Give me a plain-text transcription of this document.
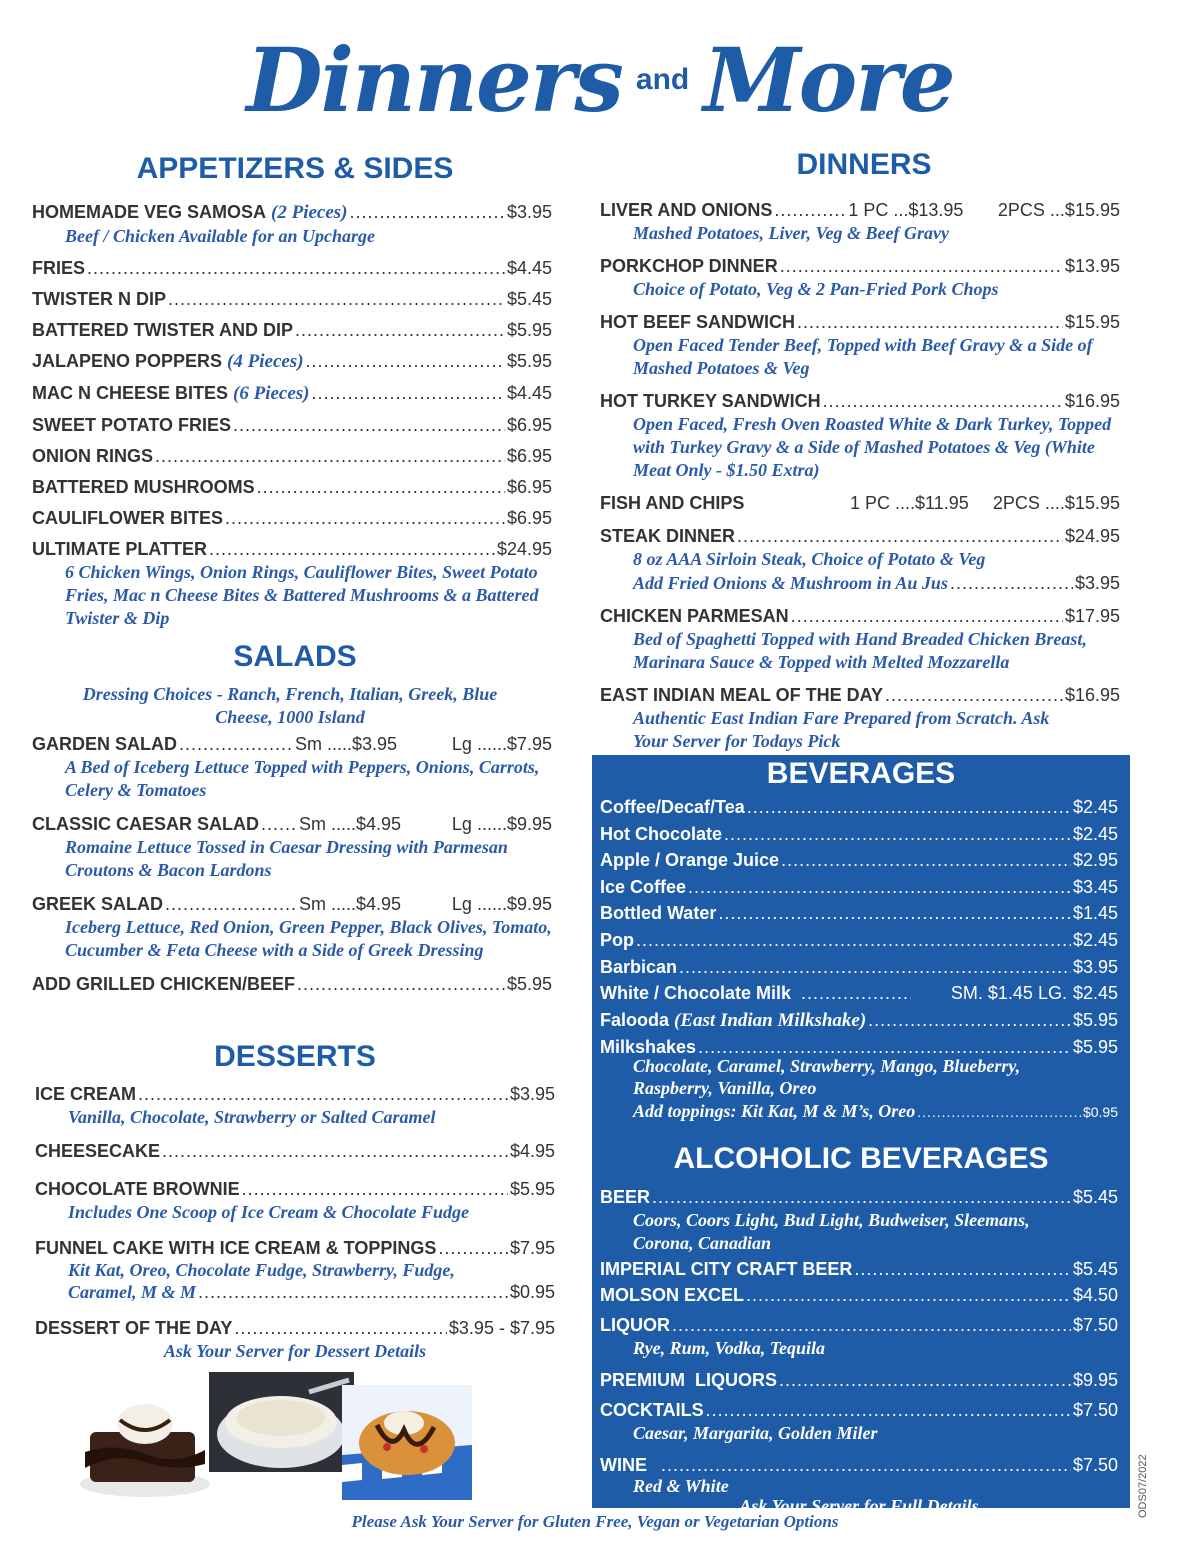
Dinners and More
APPETIZERS & SIDES
HOMEMADE VEG SAMOSA (2 Pieces) .....	$3.95
Beef / Chicken Available for an Upcharge
FRIES .....	$4.45
TWISTER N DIP .....	$5.45
BATTERED TWISTER AND DIP .....	$5.95
JALAPENO POPPERS (4 Pieces) .....	$5.95
MAC N CHEESE BITES (6 Pieces) .....	$4.45
SWEET POTATO FRIES .....	$6.95
ONION RINGS .....	$6.95
BATTERED MUSHROOMS .....	$6.95
CAULIFLOWER BITES .....	$6.95
ULTIMATE PLATTER .....	$24.95
6 Chicken Wings, Onion Rings, Cauliflower Bites, Sweet Potato Fries, Mac n Cheese Bites & Battered Mushrooms & a Battered Twister & Dip
SALADS
Dressing Choices - Ranch, French, Italian, Greek, Blue Cheese, 1000 Island
GARDEN SALAD .....	Sm .....$3.95	Lg ......$7.95
A Bed of Iceberg Lettuce Topped with Peppers, Onions, Carrots, Celery & Tomatoes
CLASSIC CAESAR SALAD ..... Sm .....$4.95	Lg ......$9.95
Romaine Lettuce Tossed in Caesar Dressing with Parmesan Croutons & Bacon Lardons
GREEK SALAD .....	Sm .....$4.95	Lg ......$9.95
Iceberg Lettuce, Red Onion, Green Pepper, Black Olives, Tomato, Cucumber & Feta Cheese with a Side of Greek Dressing
ADD GRILLED CHICKEN/BEEF .....	$5.95
DESSERTS
ICE CREAM .....	$3.95
Vanilla, Chocolate, Strawberry or Salted Caramel
CHEESECAKE .....	$4.95
CHOCOLATE BROWNIE .....	$5.95
Includes One Scoop of Ice Cream & Chocolate Fudge
FUNNEL CAKE WITH ICE CREAM & TOPPINGS .....	$7.95
Kit Kat, Oreo, Chocolate Fudge, Strawberry, Fudge,
Caramel, M & M .....	$0.95
DESSERT OF THE DAY .....	$3.95 - $7.95
Ask Your Server for Dessert Details
DINNERS
LIVER AND ONIONS .....	1 PC ...$13.95	2PCS ...$15.95
Mashed Potatoes, Liver, Veg & Beef Gravy
PORKCHOP DINNER .....	$13.95
Choice of Potato, Veg & 2 Pan-Fried Pork Chops
HOT BEEF SANDWICH .....	$15.95
Open Faced Tender Beef, Topped with Beef Gravy & a Side of Mashed Potatoes & Veg
HOT TURKEY SANDWICH .....	$16.95
Open Faced, Fresh Oven Roasted White & Dark Turkey, Topped with Turkey Gravy & a Side of Mashed Potatoes & Veg (White Meat Only - $1.50 Extra)
FISH AND CHIPS	1 PC ....$11.95	2PCS ....$15.95
STEAK DINNER .....	$24.95
8 oz AAA Sirloin Steak, Choice of Potato & Veg
Add Fried Onions & Mushroom in Au Jus .....	$3.95
CHICKEN PARMESAN .....	$17.95
Bed of Spaghetti Topped with Hand Breaded Chicken Breast, Marinara Sauce & Topped with Melted Mozzarella
EAST INDIAN MEAL OF THE DAY .....	$16.95
Authentic East Indian Fare Prepared from Scratch. Ask Your Server for Todays Pick
BEVERAGES
Coffee/Decaf/Tea .....	$2.45
Hot Chocolate .....	$2.45
Apple / Orange Juice .....	$2.95
Ice Coffee .....	$3.45
Bottled Water .....	$1.45
Pop .....	$2.45
Barbican .....	$3.95
White / Chocolate Milk .....	SM. $1.45 LG. $2.45
Falooda (East Indian Milkshake) .....	$5.95
Milkshakes .....	$5.95
Chocolate, Caramel, Strawberry, Mango, Blueberry, Raspberry, Vanilla, Oreo
Add toppings: Kit Kat, M & M’s, Oreo .....	$0.95
ALCOHOLIC BEVERAGES
BEER .....	$5.45
Coors, Coors Light, Bud Light, Budweiser, Sleemans, Corona, Canadian
IMPERIAL CITY CRAFT BEER .....	$5.45
MOLSON EXCEL .....	$4.50
LIQUOR .....	$7.50
Rye, Rum, Vodka, Tequila
PREMIUM  LIQUORS .....	$9.95
COCKTAILS .....	$7.50
Caesar, Margarita, Golden Miler
WINE .....	$7.50
Red & White
Ask Your Server for Full Details
Please Ask Your Server for Gluten Free, Vegan or Vegetarian Options
ODS07/2022
